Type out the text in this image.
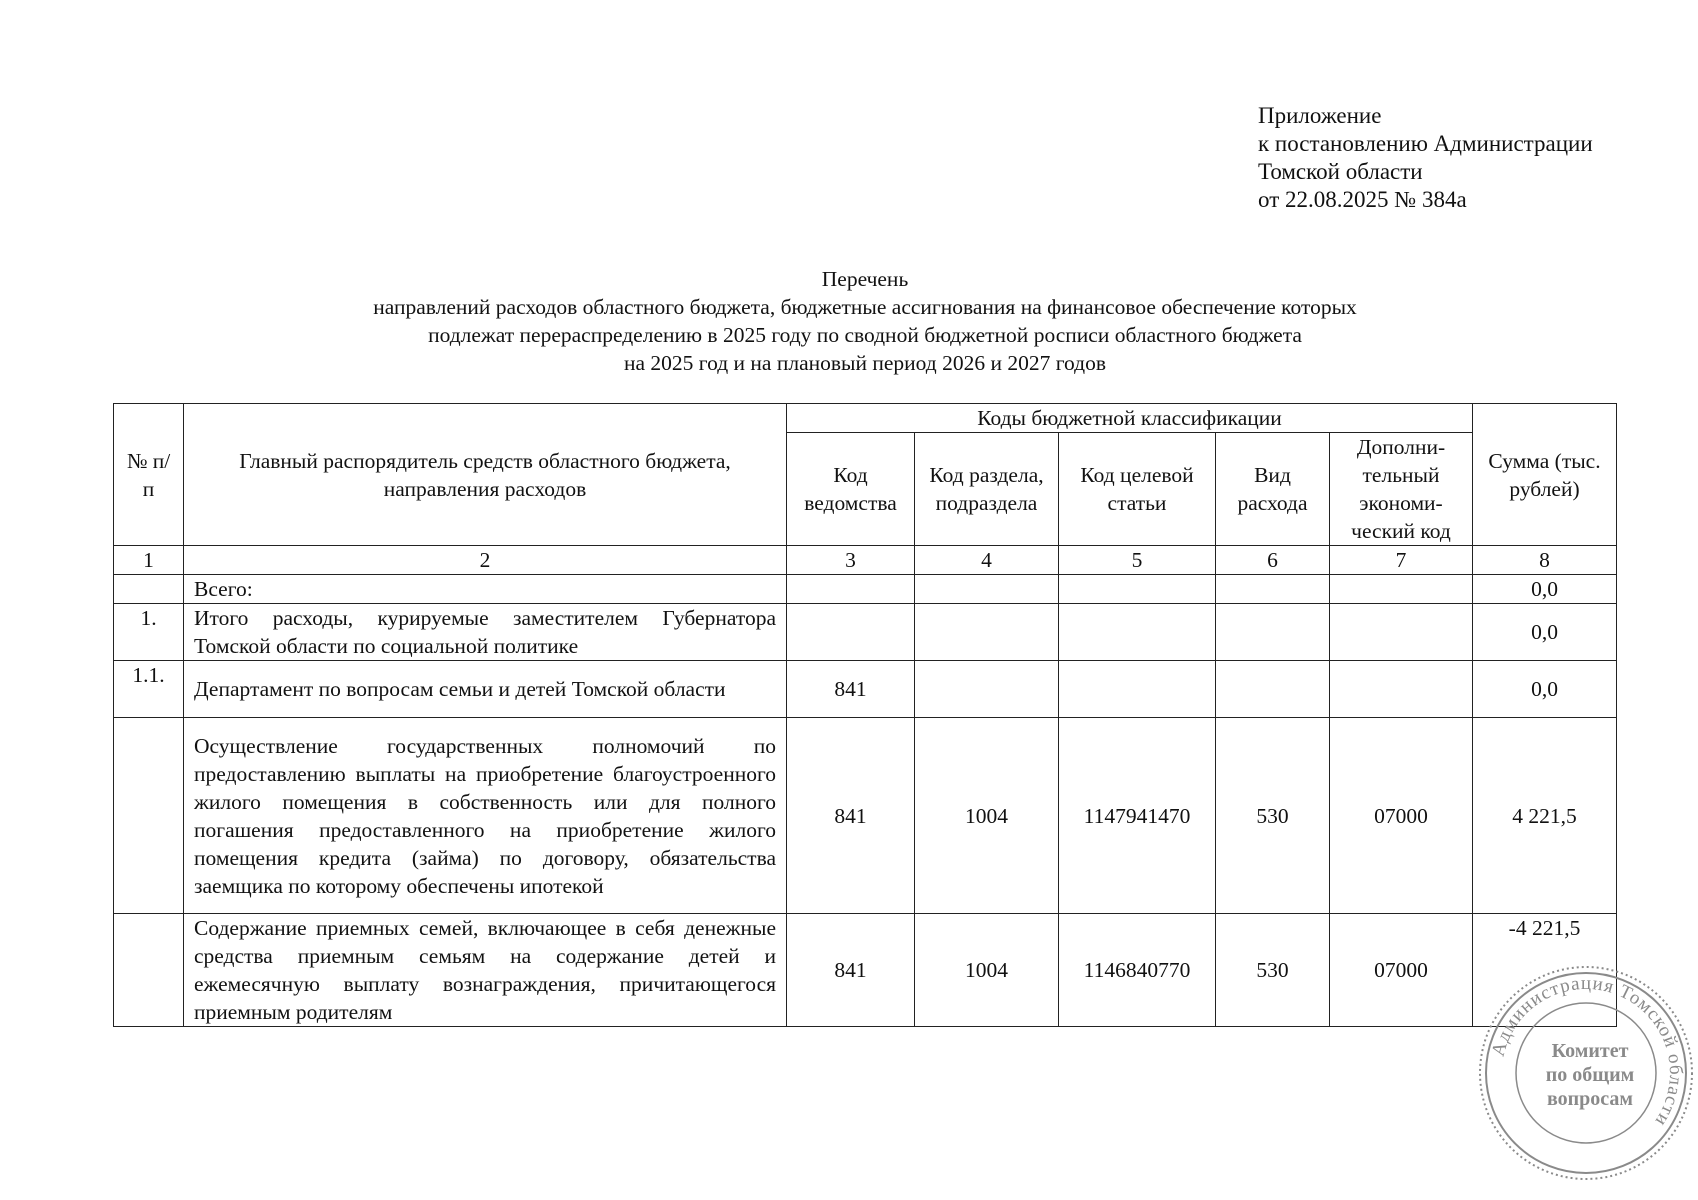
Приложение
к постановлению Администрации
Томской области
от 22.08.2025 № 384а
Перечень
направлений расходов областного бюджета, бюджетные ассигнования на финансовое обеспечение которых
подлежат перераспределению в 2025 году по сводной бюджетной росписи областного бюджета
на 2025 год и на плановый период 2026 и 2027 годов
№ п/п	Главный распорядитель средств областного бюджета, направления расходов	Коды бюджетной классификации					Сумма (тыс. рублей)
		Код ведомства	Код раздела, подраздела	Код целевой статьи	Вид расхода	Дополни-тельный экономи-ческий код	
1	2	3	4	5	6	7	8
	Всего:						0,0
1.	Итого расходы, курируемые заместителем Губернатора Томской области по социальной политике						0,0
1.1.	Департамент по вопросам семьи и детей Томской области	841					0,0
	Осуществление государственных полномочий по предоставлению выплаты на приобретение благоустроенного жилого помещения в собственность или для полного погашения предоставленного на приобретение жилого помещения кредита (займа) по договору, обязательства заемщика по которому обеспечены ипотекой	841	1004	1147941470	530	07000	4 221,5
	Содержание приемных семей, включающее в себя денежные средства приемным семьям на содержание детей и ежемесячную выплату вознаграждения, причитающегося приемным родителям	841	1004	1146840770	530	07000	-4 221,5
Администрация Томской области
Комитет
по общим
вопросам
